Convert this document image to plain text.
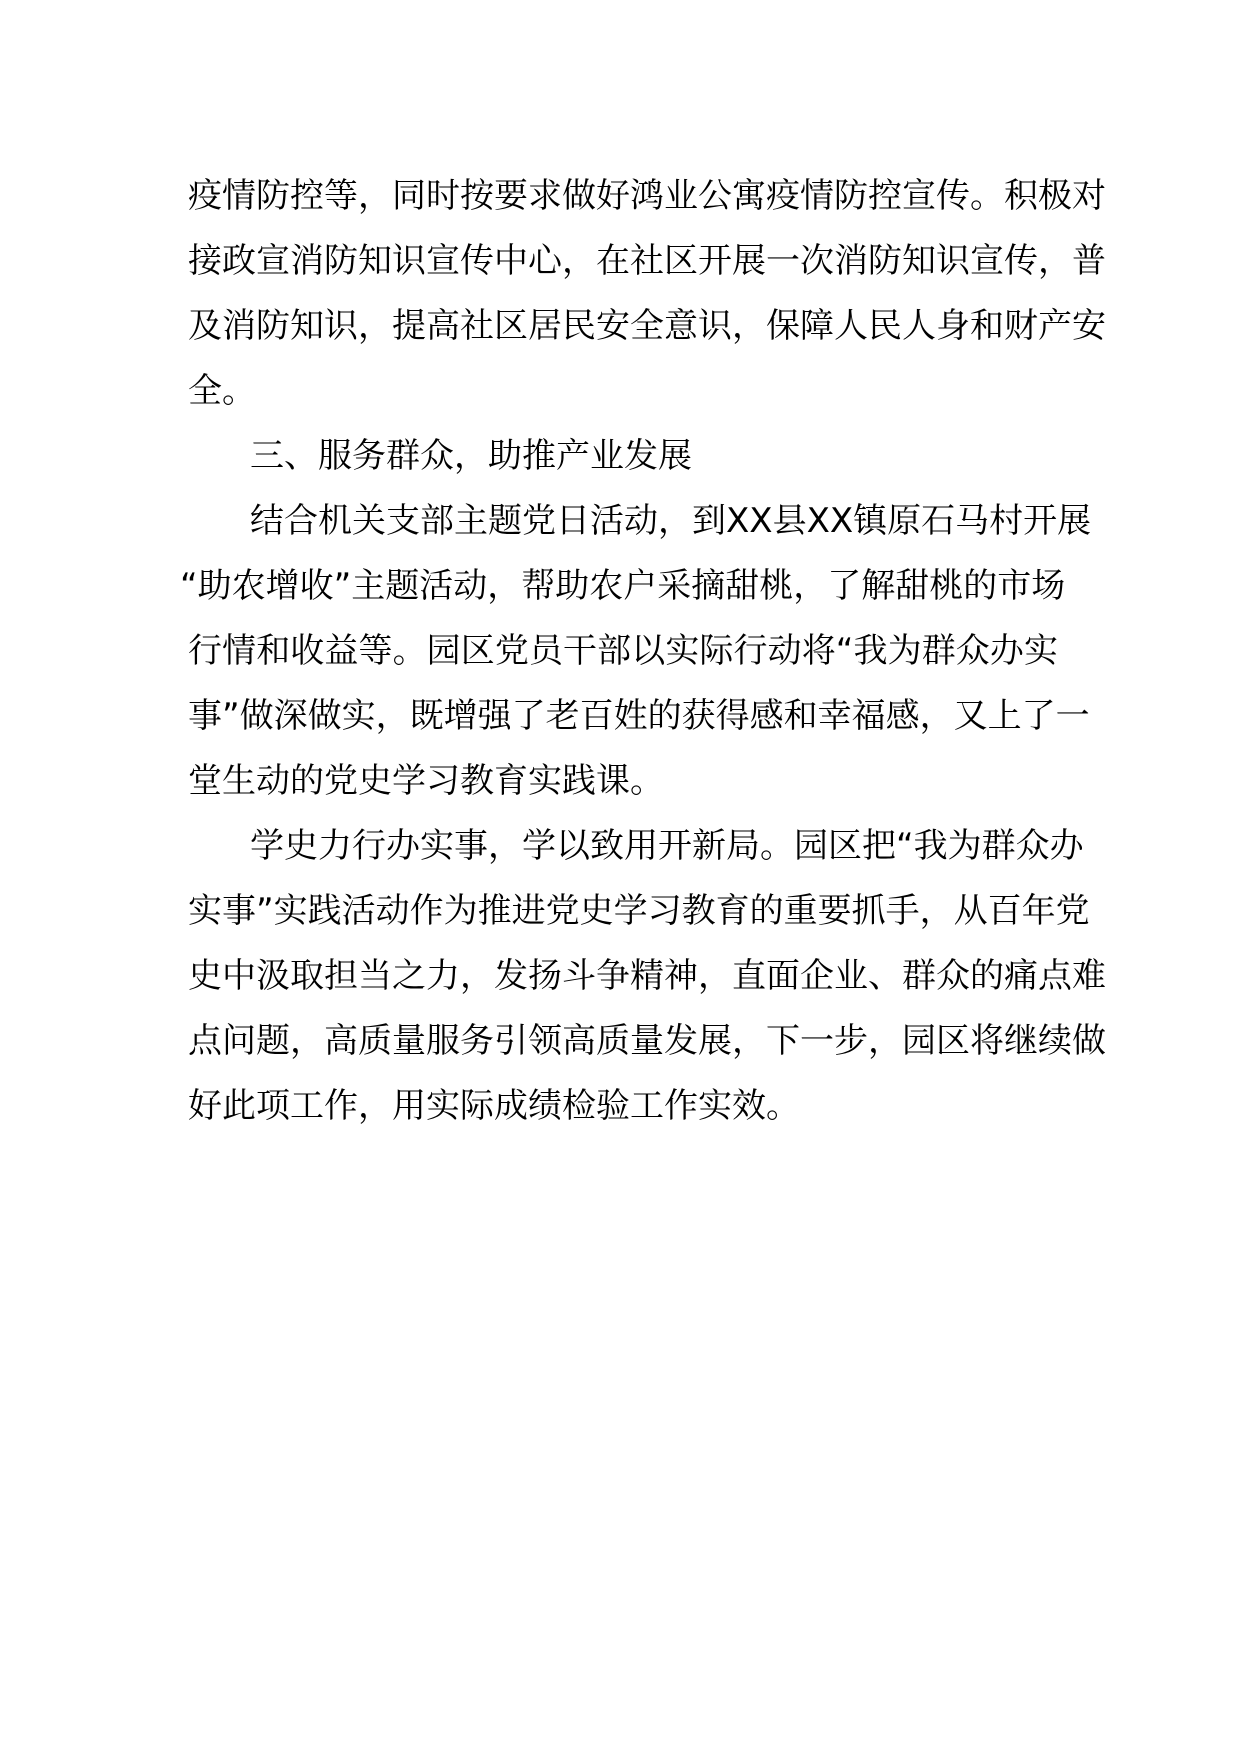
疫情防控等，同时按要求做好鸿业公寓疫情防控宣传。积极对
接政宣消防知识宣传中心，在社区开展一次消防知识宣传，普
及消防知识，提高社区居民安全意识，保障人民人身和财产安
全。
三、服务群众，助推产业发展
结合机关支部主题党日活动，到XX县XX镇原石马村开展
“助农增收”主题活动，帮助农户采摘甜桃，了解甜桃的市场
行情和收益等。园区党员干部以实际行动将“我为群众办实
事”做深做实，既增强了老百姓的获得感和幸福感，又上了一
堂生动的党史学习教育实践课。
学史力行办实事，学以致用开新局。园区把“我为群众办
实事”实践活动作为推进党史学习教育的重要抓手，从百年党
史中汲取担当之力，发扬斗争精神，直面企业、群众的痛点难
点问题，高质量服务引领高质量发展，下一步，园区将继续做
好此项工作，用实际成绩检验工作实效。
